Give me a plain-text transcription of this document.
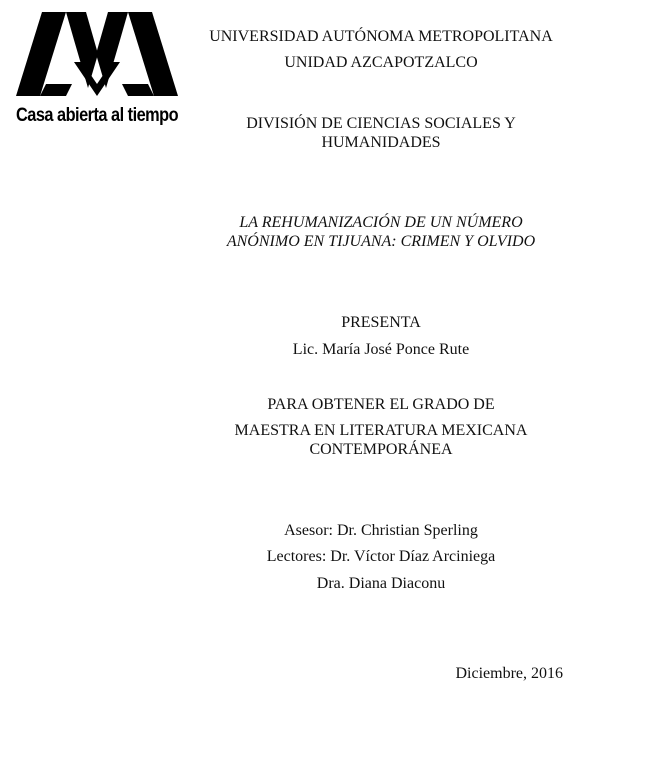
Casa abierta al tiempo
UNIVERSIDAD AUTÓNOMA METROPOLITANA
UNIDAD AZCAPOTZALCO
DIVISIÓN DE CIENCIAS SOCIALES Y
HUMANIDADES
LA REHUMANIZACIÓN DE UN NÚMERO
ANÓNIMO EN TIJUANA: CRIMEN Y OLVIDO
PRESENTA
Lic. María José Ponce Rute
PARA OBTENER EL GRADO DE
MAESTRA EN LITERATURA MEXICANA
CONTEMPORÁNEA
Asesor: Dr. Christian Sperling
Lectores: Dr. Víctor Díaz Arciniega
Dra. Diana Diaconu
Diciembre, 2016
